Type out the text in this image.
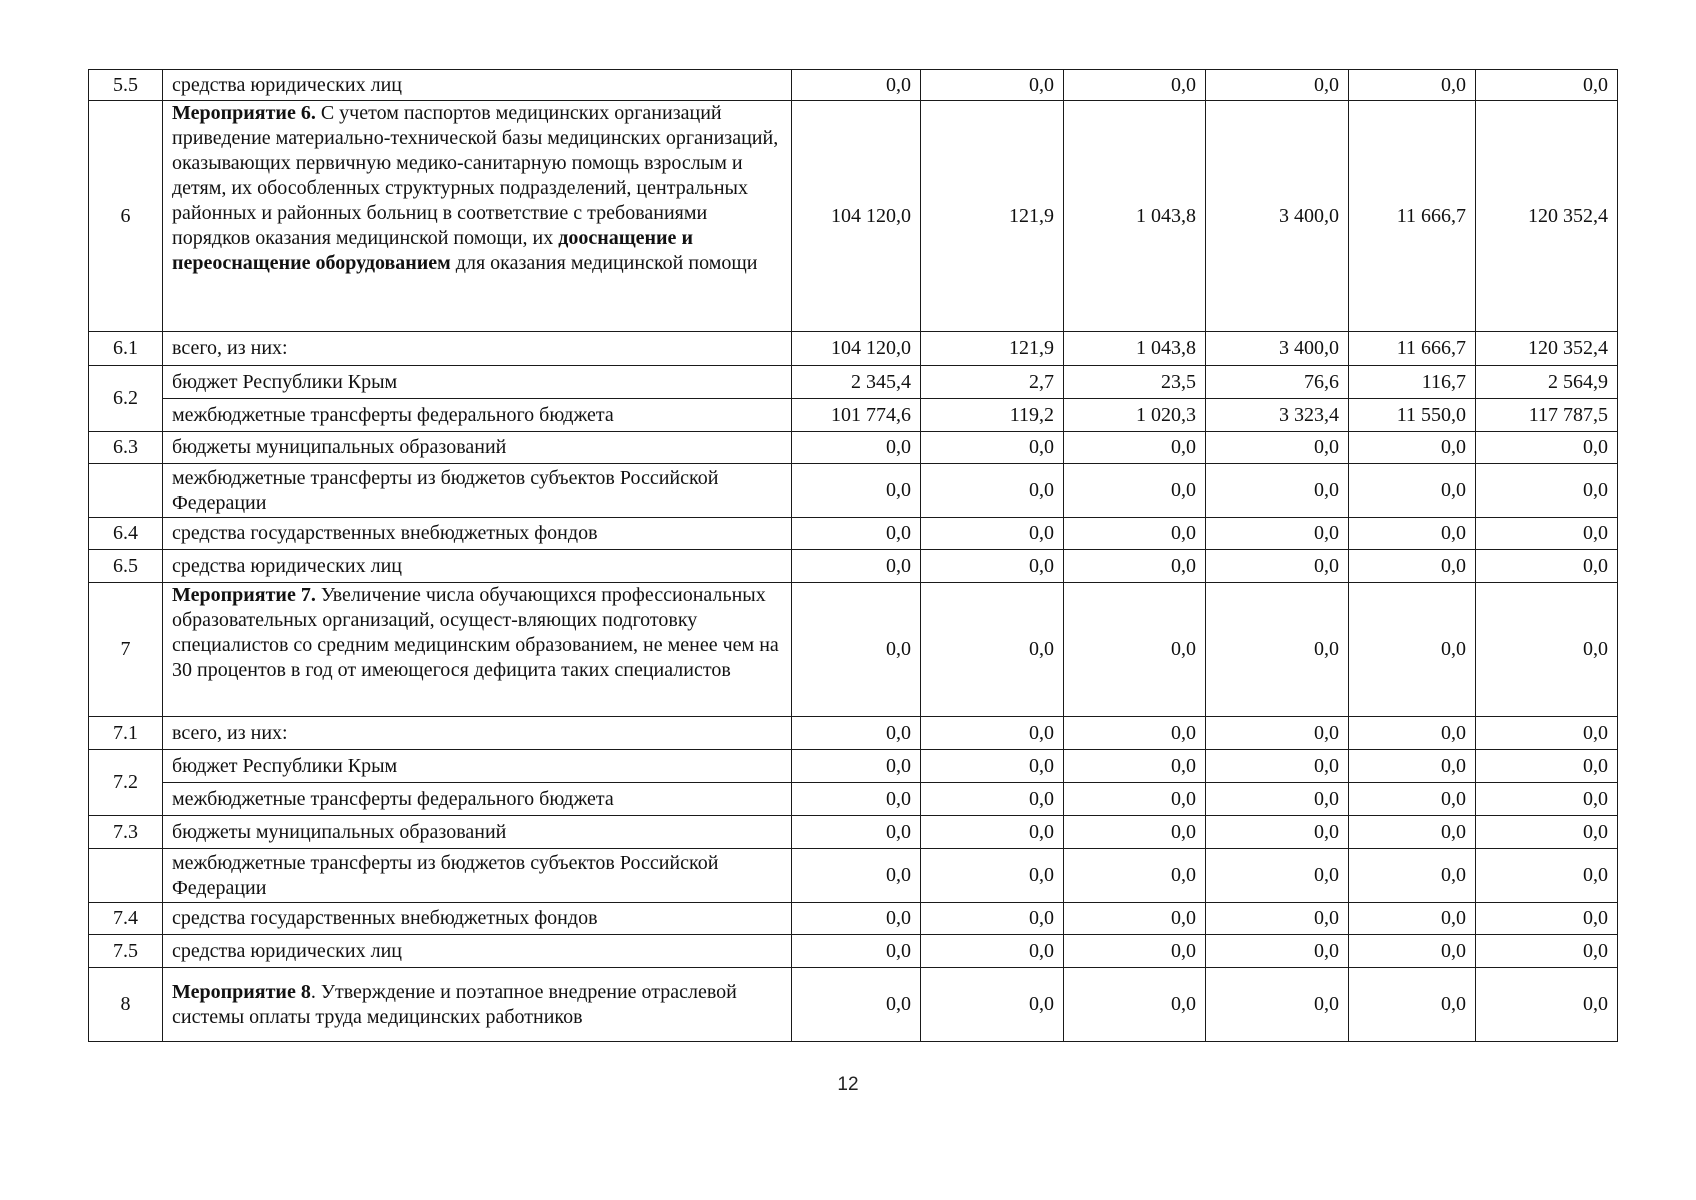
5.5	средства юридических лиц	0,0	0,0	0,0	0,0	0,0	0,0
6	Мероприятие 6. С учетом паспортов медицинских организаций приведение материально-технической базы медицинских организаций, оказывающих первичную медико-санитарную помощь взрослым и детям, их обособленных структурных подразделений, центральных районных и районных больниц в соответствие с требованиями порядков оказания медицинской помощи, их дооснащение и переоснащение оборудованием для оказания медицинской помощи	104 120,0	121,9	1 043,8	3 400,0	11 666,7	120 352,4
6.1	всего, из них:	104 120,0	121,9	1 043,8	3 400,0	11 666,7	120 352,4
6.2	бюджет Республики Крым	2 345,4	2,7	23,5	76,6	116,7	2 564,9
	межбюджетные трансферты федерального бюджета	101 774,6	119,2	1 020,3	3 323,4	11 550,0	117 787,5
6.3	бюджеты муниципальных образований	0,0	0,0	0,0	0,0	0,0	0,0
	межбюджетные трансферты из бюджетов субъектов Российской Федерации	0,0	0,0	0,0	0,0	0,0	0,0
6.4	средства государственных внебюджетных фондов	0,0	0,0	0,0	0,0	0,0	0,0
6.5	средства юридических лиц	0,0	0,0	0,0	0,0	0,0	0,0
7	Мероприятие 7. Увеличение числа обучающихся профессиональных образовательных организаций, осущест-вляющих подготовку специалистов со средним медицинским образованием, не менее чем на 30 процентов в год от имеющегося дефицита таких специалистов	0,0	0,0	0,0	0,0	0,0	0,0
7.1	всего, из них:	0,0	0,0	0,0	0,0	0,0	0,0
7.2	бюджет Республики Крым	0,0	0,0	0,0	0,0	0,0	0,0
	межбюджетные трансферты федерального бюджета	0,0	0,0	0,0	0,0	0,0	0,0
7.3	бюджеты муниципальных образований	0,0	0,0	0,0	0,0	0,0	0,0
	межбюджетные трансферты из бюджетов субъектов Российской Федерации	0,0	0,0	0,0	0,0	0,0	0,0
7.4	средства государственных внебюджетных фондов	0,0	0,0	0,0	0,0	0,0	0,0
7.5	средства юридических лиц	0,0	0,0	0,0	0,0	0,0	0,0
8	Мероприятие 8. Утверждение и поэтапное внедрение отраслевой системы оплаты труда медицинских работников	0,0	0,0	0,0	0,0	0,0	0,0
12
